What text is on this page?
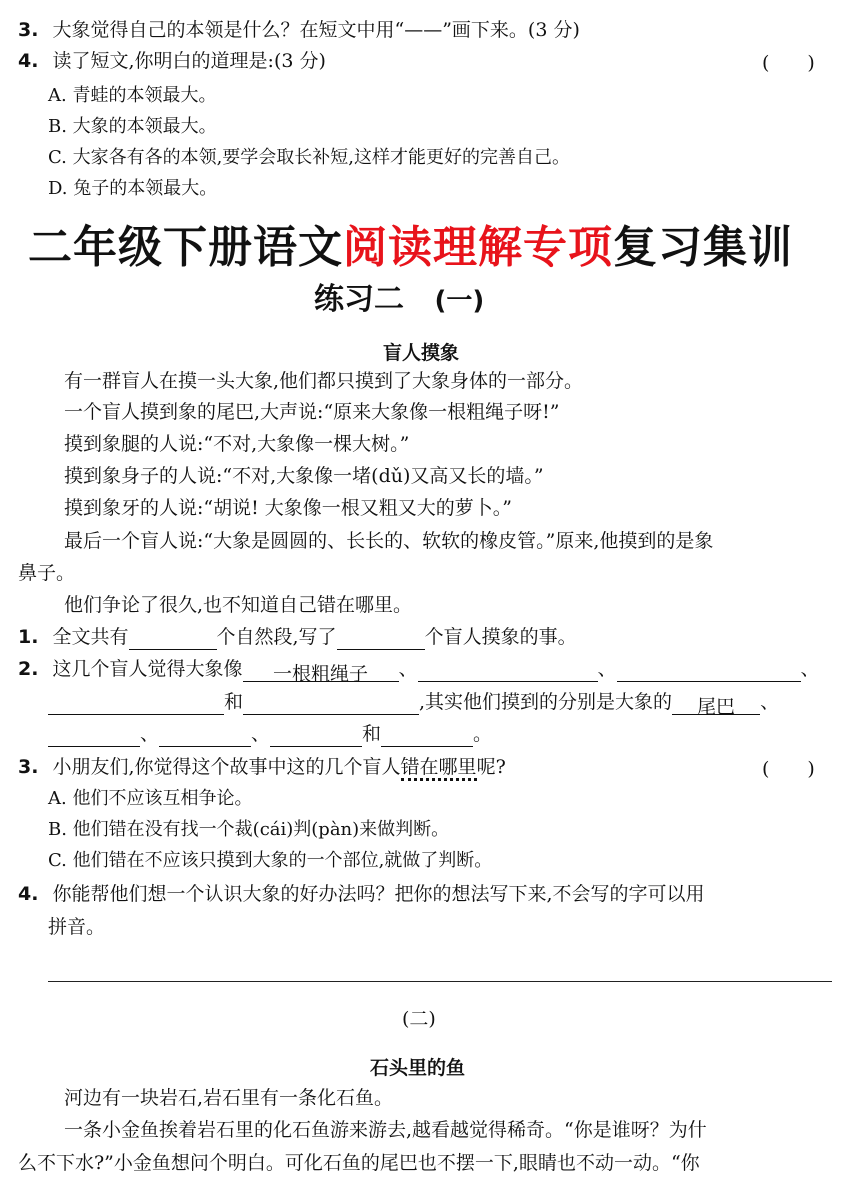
3. 大象觉得自己的本领是什么？在短文中用“——”画下来。(3 分)
4. 读了短文,你明白的道理是:(3 分)	(　　)
A. 青蛙的本领最大。
B. 大象的本领最大。
C. 大家各有各的本领,要学会取长补短,这样才能更好的完善自己。
D. 兔子的本领最大。
二年级下册语文阅读理解专项复习集训
练习二 (一)
盲人摸象
有一群盲人在摸一头大象,他们都只摸到了大象身体的一部分。
一个盲人摸到象的尾巴,大声说:“原来大象像一根粗绳子呀!”
摸到象腿的人说:“不对,大象像一棵大树。”
摸到象身子的人说:“不对,大象像一堵(dǔ)又高又长的墙。”
摸到象牙的人说:“胡说! 大象像一根又粗又大的萝卜。”
最后一个盲人说:“大象是圆圆的、长长的、软软的橡皮管。”原来,他摸到的是象
鼻子。
他们争论了很久,也不知道自己错在哪里。
1. 全文共有	个自然段,写了	个盲人摸象的事。
2. 这几个盲人觉得大象像 一根粗绳子 、	、	、
和	,其实他们摸到的分别是大象的 尾巴 、
、	、	和	。
3. 小朋友们,你觉得这个故事中这的几个盲人错在哪里呢?	(　　)
A. 他们不应该互相争论。
B. 他们错在没有找一个裁(cái)判(pàn)来做判断。
C. 他们错在不应该只摸到大象的一个部位,就做了判断。
4. 你能帮他们想一个认识大象的好办法吗？把你的想法写下来,不会写的字可以用
拼音。
(二)
石头里的鱼
河边有一块岩石,岩石里有一条化石鱼。
一条小金鱼挨着岩石里的化石鱼游来游去,越看越觉得稀奇。“你是谁呀？为什
么不下水?”小金鱼想问个明白。可化石鱼的尾巴也不摆一下,眼睛也不动一动。“你
